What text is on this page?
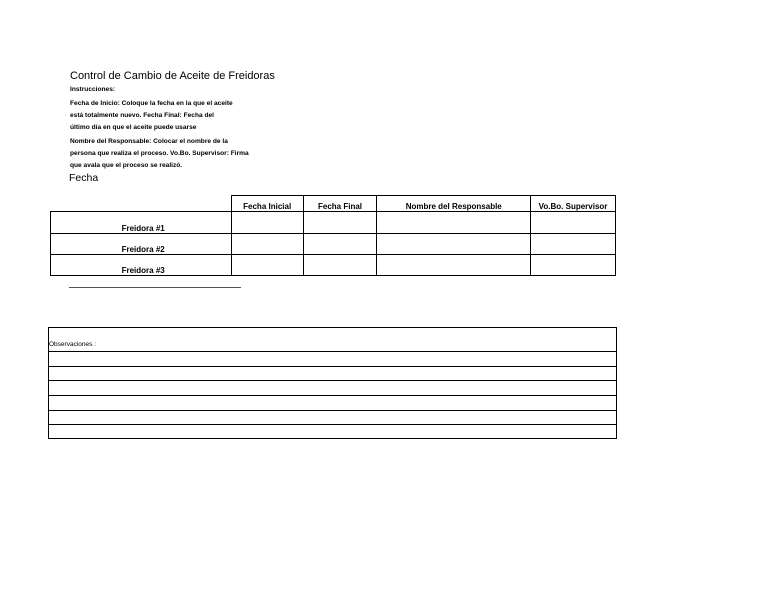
Control de Cambio de Aceite de Freidoras
Instrucciones:
Fecha de Inicio: Coloque la fecha en la que el aceite
está totalmente nuevo. Fecha Final: Fecha del
último día en que el aceite puede usarse
Nombre del Responsable: Colocar el nombre de la
persona que realiza el proceso. Vo.Bo. Supervisor: Firma
que avala que el proceso se realizó.
Fecha
	Fecha Inicial	Fecha Final	Nombre del Responsable	Vo.Bo. Supervisor
Freidora #1				
Freidora #2				
Freidora #3				
Observaciones :
